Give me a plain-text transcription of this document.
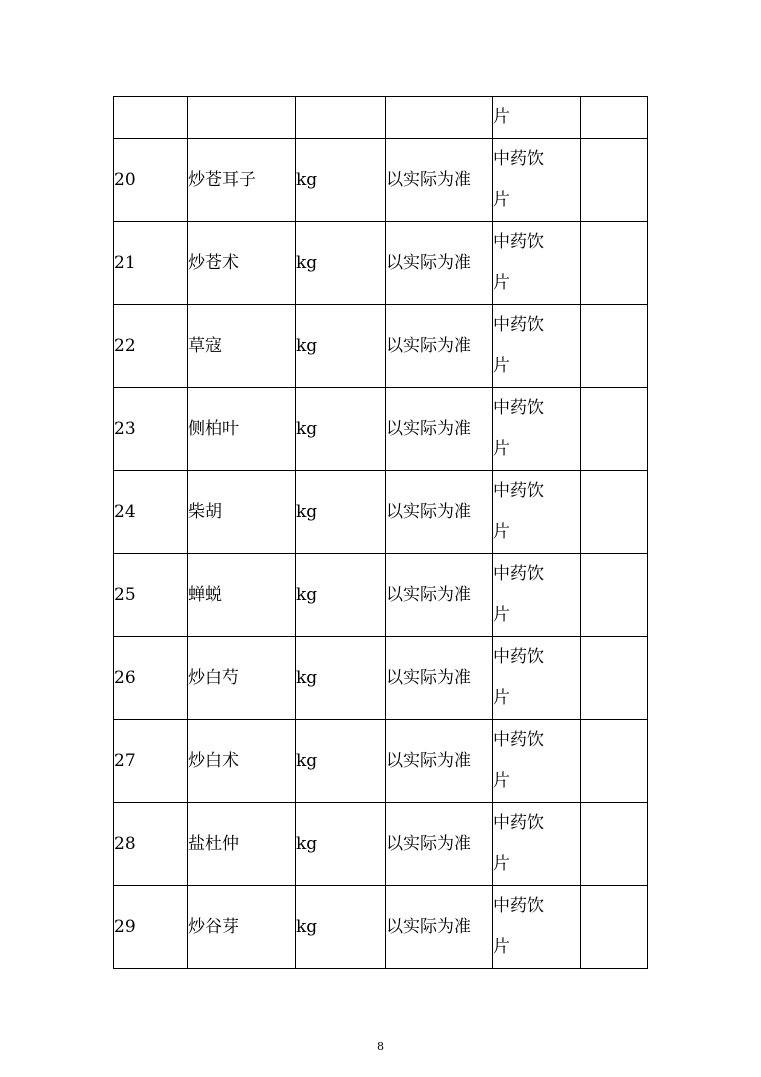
				片	
20	炒苍耳子	kg	以实际为准	中药饮
片	

21	炒苍术	kg	以实际为准	中药饮
片	

22	草寇	kg	以实际为准	中药饮
片	

23	侧柏叶	kg	以实际为准	中药饮
片	

24	柴胡	kg	以实际为准	中药饮
片	

25	蝉蜕	kg	以实际为准	中药饮
片	

26	炒白芍	kg	以实际为准	中药饮
片	

27	炒白术	kg	以实际为准	中药饮
片	

28	盐杜仲	kg	以实际为准	中药饮
片	

29	炒谷芽	kg	以实际为准	中药饮
片	

8
